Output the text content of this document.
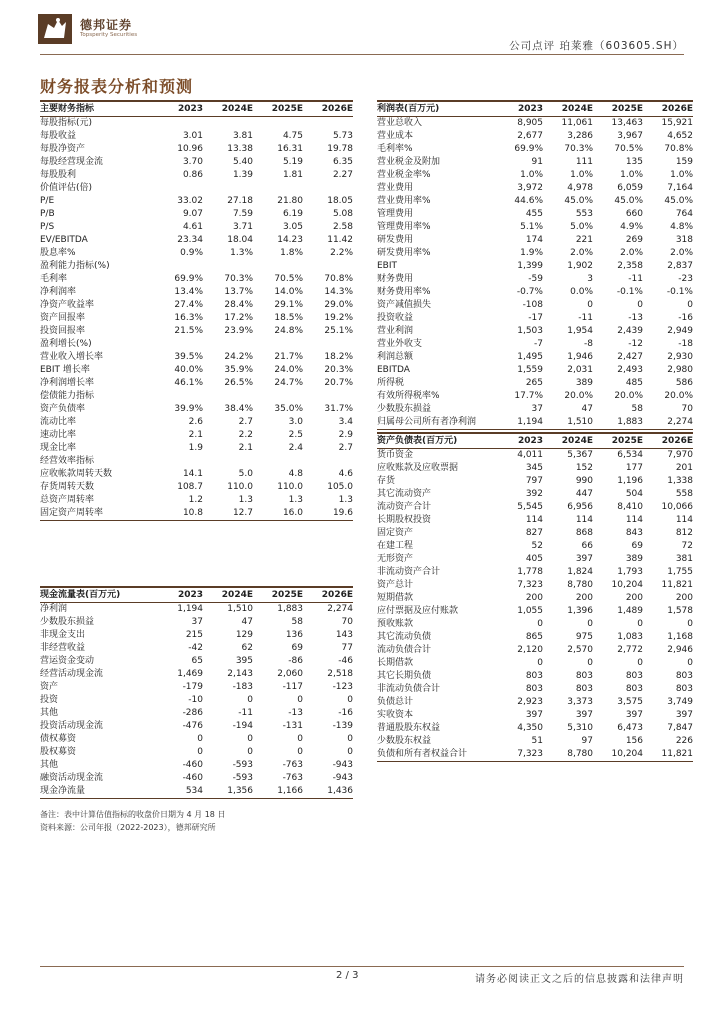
德邦证券
Topsperity Securities
公司点评 珀莱雅（603605.SH）
财务报表分析和预测
主要财务指标	2023	2024E	2025E	2026E
每股指标(元)
每股收益	3.01	3.81	4.75	5.73
每股净资产	10.96	13.38	16.31	19.78
每股经营现金流	3.70	5.40	5.19	6.35
每股股利	0.86	1.39	1.81	2.27
价值评估(倍)
P/E	33.02	27.18	21.80	18.05
P/B	9.07	7.59	6.19	5.08
P/S	4.61	3.71	3.05	2.58
EV/EBITDA	23.34	18.04	14.23	11.42
股息率%	0.9%	1.3%	1.8%	2.2%
盈利能力指标(%)
毛利率	69.9%	70.3%	70.5%	70.8%
净利润率	13.4%	13.7%	14.0%	14.3%
净资产收益率	27.4%	28.4%	29.1%	29.0%
资产回报率	16.3%	17.2%	18.5%	19.2%
投资回报率	21.5%	23.9%	24.8%	25.1%
盈利增长(%)
营业收入增长率	39.5%	24.2%	21.7%	18.2%
EBIT 增长率	40.0%	35.9%	24.0%	20.3%
净利润增长率	46.1%	26.5%	24.7%	20.7%
偿债能力指标
资产负债率	39.9%	38.4%	35.0%	31.7%
流动比率	2.6	2.7	3.0	3.4
速动比率	2.1	2.2	2.5	2.9
现金比率	1.9	2.1	2.4	2.7
经营效率指标
应收帐款周转天数	14.1	5.0	4.8	4.6
存货周转天数	108.7	110.0	110.0	105.0
总资产周转率	1.2	1.3	1.3	1.3
固定资产周转率	10.8	12.7	16.0	19.6
利润表(百万元)	2023	2024E	2025E	2026E
营业总收入	8,905	11,061	13,463	15,921
营业成本	2,677	3,286	3,967	4,652
毛利率%	69.9%	70.3%	70.5%	70.8%
营业税金及附加	91	111	135	159
营业税金率%	1.0%	1.0%	1.0%	1.0%
营业费用	3,972	4,978	6,059	7,164
营业费用率%	44.6%	45.0%	45.0%	45.0%
管理费用	455	553	660	764
管理费用率%	5.1%	5.0%	4.9%	4.8%
研发费用	174	221	269	318
研发费用率%	1.9%	2.0%	2.0%	2.0%
EBIT	1,399	1,902	2,358	2,837
财务费用	-59	3	-11	-23
财务费用率%	-0.7%	0.0%	-0.1%	-0.1%
资产减值损失	-108	0	0	0
投资收益	-17	-11	-13	-16
营业利润	1,503	1,954	2,439	2,949
营业外收支	-7	-8	-12	-18
利润总额	1,495	1,946	2,427	2,930
EBITDA	1,559	2,031	2,493	2,980
所得税	265	389	485	586
有效所得税率%	17.7%	20.0%	20.0%	20.0%
少数股东损益	37	47	58	70
归属母公司所有者净利润	1,194	1,510	1,883	2,274
资产负债表(百万元)	2023	2024E	2025E	2026E
货币资金	4,011	5,367	6,534	7,970
应收账款及应收票据	345	152	177	201
存货	797	990	1,196	1,338
其它流动资产	392	447	504	558
流动资产合计	5,545	6,956	8,410	10,066
长期股权投资	114	114	114	114
固定资产	827	868	843	812
在建工程	52	66	69	72
无形资产	405	397	389	381
非流动资产合计	1,778	1,824	1,793	1,755
资产总计	7,323	8,780	10,204	11,821
短期借款	200	200	200	200
应付票据及应付账款	1,055	1,396	1,489	1,578
预收账款	0	0	0	0
其它流动负债	865	975	1,083	1,168
流动负债合计	2,120	2,570	2,772	2,946
长期借款	0	0	0	0
其它长期负债	803	803	803	803
非流动负债合计	803	803	803	803
负债总计	2,923	3,373	3,575	3,749
实收资本	397	397	397	397
普通股股东权益	4,350	5,310	6,473	7,847
少数股东权益	51	97	156	226
负债和所有者权益合计	7,323	8,780	10,204	11,821
现金流量表(百万元)	2023	2024E	2025E	2026E
净利润	1,194	1,510	1,883	2,274
少数股东损益	37	47	58	70
非现金支出	215	129	136	143
非经营收益	-42	62	69	77
营运资金变动	65	395	-86	-46
经营活动现金流	1,469	2,143	2,060	2,518
资产	-179	-183	-117	-123
投资	-10	0	0	0
其他	-286	-11	-13	-16
投资活动现金流	-476	-194	-131	-139
债权募资	0	0	0	0
股权募资	0	0	0	0
其他	-460	-593	-763	-943
融资活动现金流	-460	-593	-763	-943
现金净流量	534	1,356	1,166	1,436
备注：表中计算估值指标的收盘价日期为 4 月 18 日
资料来源：公司年报（2022-2023），德邦研究所
2 / 3	请务必阅读正文之后的信息披露和法律声明
